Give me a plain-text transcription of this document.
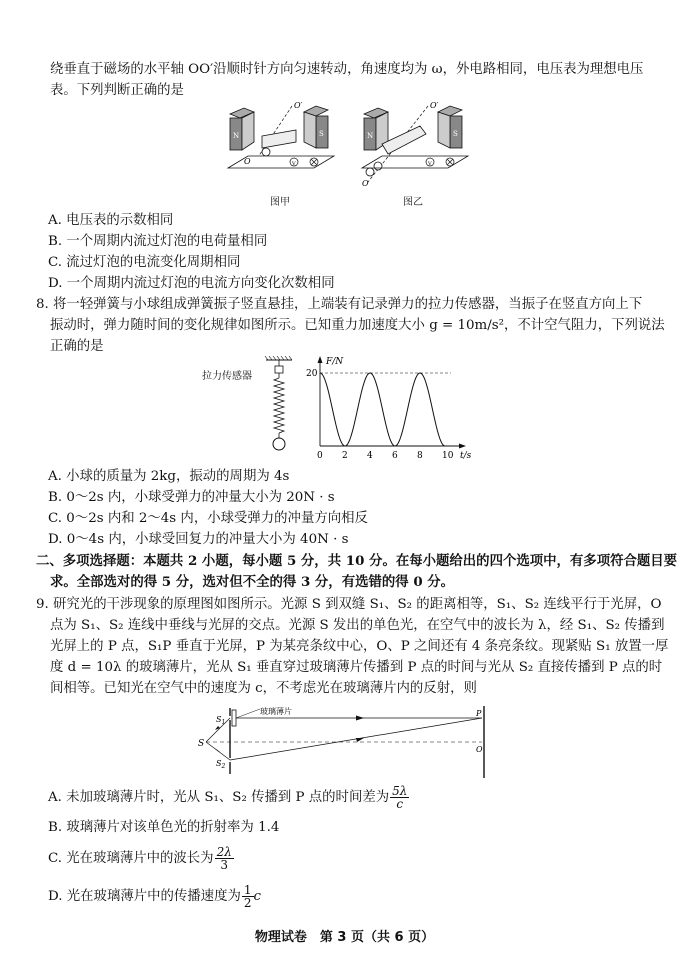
绕垂直于磁场的水平轴 OO′沿顺时针方向匀速转动，角速度均为 ω，外电路相同，电压表为理想电压
表。下列判断正确的是
N	S
O′
V
O
图甲
N	S
O′
V
O
图乙
A. 电压表的示数相同
B. 一个周期内流过灯泡的电荷量相同
C. 流过灯泡的电流变化周期相同
D. 一个周期内流过灯泡的电流方向变化次数相同
8. 将一轻弹簧与小球组成弹簧振子竖直悬挂，上端装有记录弹力的拉力传感器，当振子在竖直方向上下
振动时，弹力随时间的变化规律如图所示。已知重力加速度大小 g = 10m/s²，不计空气阻力，下列说法
正确的是
拉力传感器
F/N
t/s
0 2 4 6 8 10
20
A. 小球的质量为 2kg，振动的周期为 4s
B. 0～2s 内，小球受弹力的冲量大小为 20N · s
C. 0～2s 内和 2～4s 内，小球受弹力的冲量方向相反
D. 0～4s 内，小球受回复力的冲量大小为 40N · s
二、多项选择题：本题共 2 小题，每小题 5 分，共 10 分。在每小题给出的四个选项中，有多项符合题目要
求。全部选对的得 5 分，选对但不全的得 3 分，有选错的得 0 分。
9. 研究光的干涉现象的原理图如图所示。光源 S 到双缝 S₁、S₂ 的距离相等，S₁、S₂ 连线平行于光屏，O
点为 S₁、S₂ 连线中垂线与光屏的交点。光源 S 发出的单色光，在空气中的波长为 λ，经 S₁、S₂ 传播到
光屏上的 P 点，S₁P 垂直于光屏，P 为某亮条纹中心，O、P 之间还有 4 条亮条纹。现紧贴 S₁ 放置一厚
度 d = 10λ 的玻璃薄片，光从 S₁ 垂直穿过玻璃薄片传播到 P 点的时间与光从 S₂ 直接传播到 P 点的时
间相等。已知光在空气中的速度为 c，不考虑光在玻璃薄片内的反射，则
S
$S_1$
$S_2$
玻璃薄片	P
O
A. 未加玻璃薄片时，光从 S₁、S₂ 传播到 P 点的时间差为 $\frac{5\lambda}{c}$
B. 玻璃薄片对该单色光的折射率为 1.4
C. 光在玻璃薄片中的波长为 $\frac{2\lambda}{3}$
D. 光在玻璃薄片中的传播速度为 $\frac{1}{2}$ c
物理试卷　第 3 页（共 6 页）
